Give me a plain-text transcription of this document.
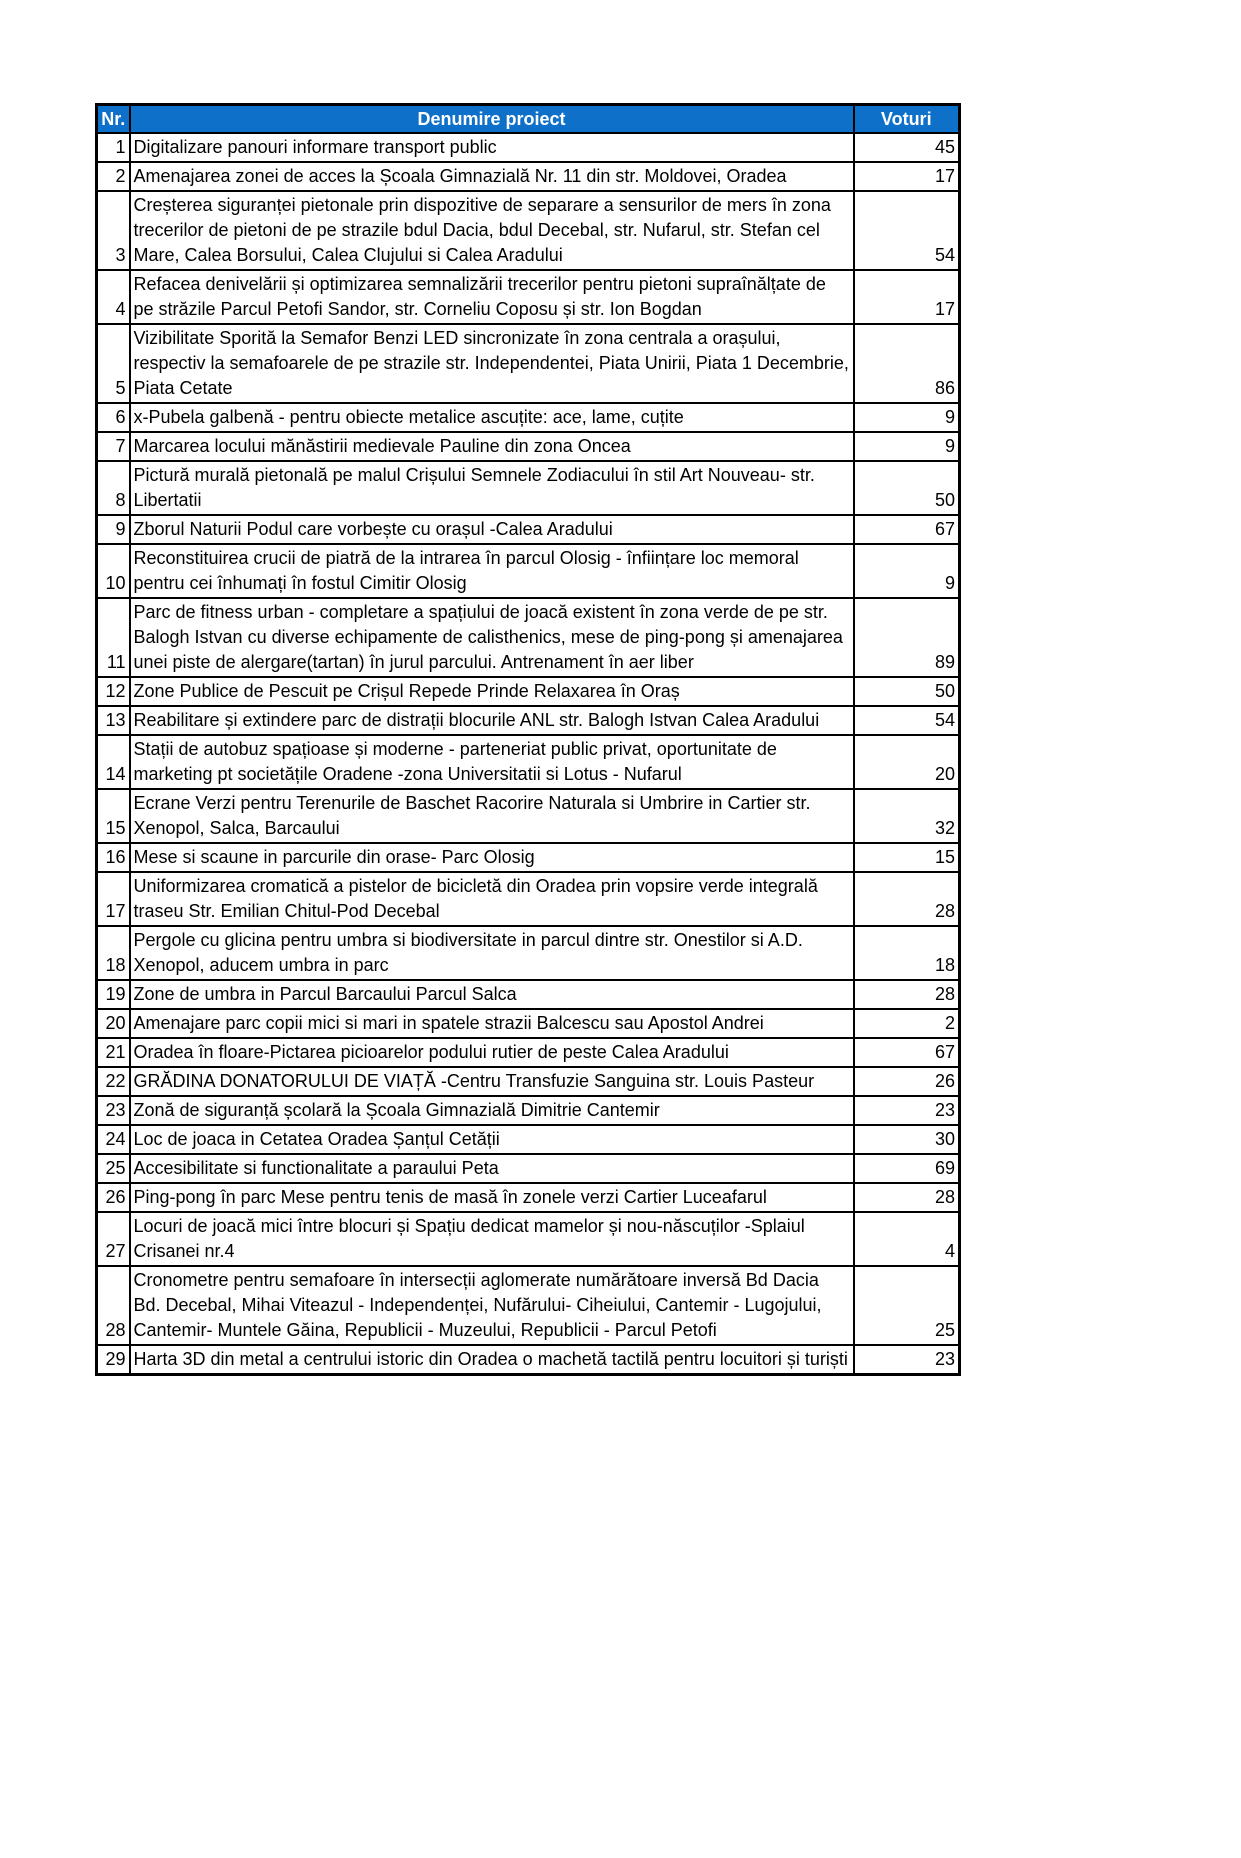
Nr.	Denumire proiect	Voturi
1	Digitalizare panouri informare transport public	45
2	Amenajarea zonei de acces la Școala Gimnazială Nr. 11 din str. Moldovei, Oradea	17
3	Creșterea siguranței pietonale prin dispozitive de separare a sensurilor de mers în zona trecerilor de pietoni de pe strazile bdul Dacia, bdul Decebal, str. Nufarul, str. Stefan cel Mare, Calea Borsului, Calea Clujului si Calea Aradului	54
4	Refacea denivelării și optimizarea semnalizării trecerilor pentru pietoni supraînălțate de pe străzile Parcul Petofi Sandor, str. Corneliu Coposu și str. Ion Bogdan	17
5	Vizibilitate Sporită la Semafor Benzi LED sincronizate în zona centrala a orașului, respectiv la semafoarele de pe strazile str. Independentei, Piata Unirii, Piata 1 Decembrie, Piata Cetate	86
6	x-Pubela galbenă - pentru obiecte metalice ascuțite: ace, lame, cuțite	9
7	Marcarea locului mănăstirii medievale Pauline din zona Oncea	9
8	Pictură murală pietonală pe malul Crișului Semnele Zodiacului în stil Art Nouveau- str. Libertatii	50
9	Zborul Naturii Podul care vorbește cu orașul -Calea Aradului	67
10	Reconstituirea crucii de piatră de la intrarea în parcul Olosig - înființare loc memoral pentru cei înhumați în fostul Cimitir Olosig	9
11	Parc de fitness urban - completare a spațiului de joacă existent în zona verde de pe str. Balogh Istvan cu diverse echipamente de calisthenics, mese de ping-pong și amenajarea unei piste de alergare(tartan) în jurul parcului. Antrenament în aer liber	89
12	Zone Publice de Pescuit pe Crișul Repede Prinde Relaxarea în Oraș	50
13	Reabilitare și extindere parc de distrații blocurile ANL str. Balogh Istvan Calea Aradului	54
14	Stații de autobuz spațioase și moderne - parteneriat public privat, oportunitate de marketing pt societățile Oradene -zona Universitatii si Lotus - Nufarul	20
15	Ecrane Verzi pentru Terenurile de Baschet Racorire Naturala si Umbrire in Cartier str. Xenopol, Salca, Barcaului	32
16	Mese si scaune in parcurile din orase- Parc Olosig	15
17	Uniformizarea cromatică a pistelor de bicicletă din Oradea prin vopsire verde integrală traseu Str. Emilian Chitul-Pod Decebal	28
18	Pergole cu glicina pentru umbra si biodiversitate in parcul dintre str. Onestilor si A.D. Xenopol, aducem umbra in parc	18
19	Zone de umbra in Parcul Barcaului Parcul Salca	28
20	Amenajare parc copii mici si mari in spatele strazii Balcescu sau Apostol Andrei	2
21	Oradea în floare-Pictarea picioarelor podului rutier de peste Calea Aradului	67
22	GRĂDINA DONATORULUI DE VIAȚĂ -Centru Transfuzie Sanguina str. Louis Pasteur	26
23	Zonă de siguranță școlară la Școala Gimnazială Dimitrie Cantemir	23
24	Loc de joaca in Cetatea Oradea Șanțul Cetății	30
25	Accesibilitate si functionalitate a paraului Peta	69
26	Ping-pong în parc Mese pentru tenis de masă în zonele verzi Cartier Luceafarul	28
27	Locuri de joacă mici între blocuri și Spațiu dedicat mamelor și nou-născuților -Splaiul Crisanei nr.4	4
28	Cronometre pentru semafoare în intersecții aglomerate numărătoare inversă Bd Dacia Bd. Decebal, Mihai Viteazul - Independenței, Nufărului- Ciheiului, Cantemir - Lugojului, Cantemir- Muntele Găina, Republicii - Muzeului, Republicii - Parcul Petofi	25
29	Harta 3D din metal a centrului istoric din Oradea o machetă tactilă pentru locuitori și turiști	23
